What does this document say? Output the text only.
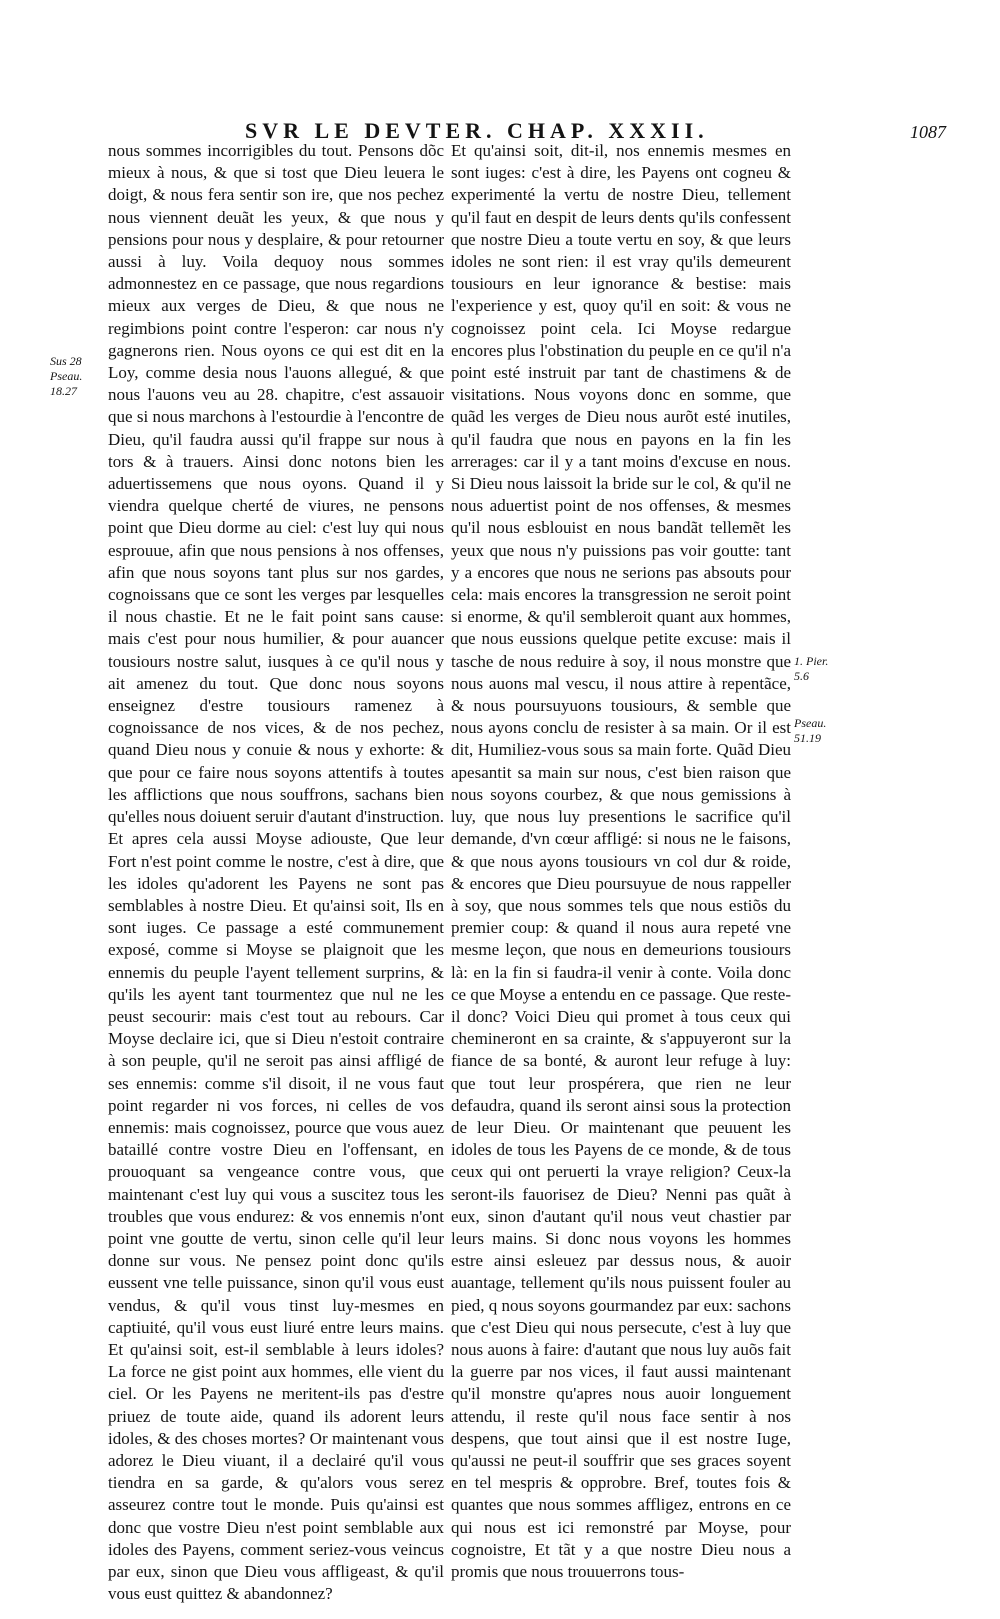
SVR LE DEVTER. CHAP. XXXII.	1087
Sus 28 Pseau. 18.27
1. Pier. 5.6
Pseau. 51.19

nous sommes incorrigibles du tout. Pensons dõc mieux à nous, & que si tost que Dieu leuera le doigt, & nous fera sentir son ire, que nos pechez nous viennent deuãt les yeux, & que nous y pensions pour nous y desplaire, & pour retourner aussi à luy. Voila dequoy nous sommes admonnestez en ce passage, que nous regardions mieux aux verges de Dieu, & que nous ne regimbions point contre l'esperon: car nous n'y gagnerons rien. Nous oyons ce qui est dit en la Loy, comme desia nous l'auons allegué, & que nous l'auons veu au 28. chapitre, c'est assauoir que si nous marchons à l'estourdie à l'encontre de Dieu, qu'il faudra aussi qu'il frappe sur nous à tors & à trauers. Ainsi donc notons bien les aduertissemens que nous oyons. Quand il y viendra quelque cherté de viures, ne pensons point que Dieu dorme au ciel: c'est luy qui nous esprouue, afin que nous pensions à nos offenses, afin que nous soyons tant plus sur nos gardes, cognoissans que ce sont les verges par lesquelles il nous chastie. Et ne le fait point sans cause: mais c'est pour nous humilier, & pour auancer tousiours nostre salut, iusques à ce qu'il nous y ait amenez du tout. Que donc nous soyons enseignez d'estre tousiours ramenez à cognoissance de nos vices, & de nos pechez, quand Dieu nous y conuie & nous y exhorte: & que pour ce faire nous soyons attentifs à toutes les afflictions que nous souffrons, sachans bien qu'elles nous doiuent seruir d'autant d'instruction. Et apres cela aussi Moyse adiouste, Que leur Fort n'est point comme le nostre, c'est à dire, que les idoles qu'adorent les Payens ne sont pas semblables à nostre Dieu. Et qu'ainsi soit, Ils en sont iuges. Ce passage a esté communement exposé, comme si Moyse se plaignoit que les ennemis du peuple l'ayent tellement surprins, & qu'ils les ayent tant tourmentez que nul ne les peust secourir: mais c'est tout au rebours. Car Moyse declaire ici, que si Dieu n'estoit contraire à son peuple, qu'il ne seroit pas ainsi affligé de ses ennemis: comme s'il disoit, il ne vous faut point regarder ni vos forces, ni celles de vos ennemis: mais cognoissez, pource que vous auez bataillé contre vostre Dieu en l'offensant, en prouoquant sa vengeance contre vous, que maintenant c'est luy qui vous a suscitez tous les troubles que vous endurez: & vos ennemis n'ont point vne goutte de vertu, sinon celle qu'il leur donne sur vous. Ne pensez point donc qu'ils eussent vne telle puissance, sinon qu'il vous eust vendus, & qu'il vous tinst luy-mesmes en captiuité, qu'il vous eust liuré entre leurs mains. Et qu'ainsi soit, est-il semblable à leurs idoles? La force ne gist point aux hommes, elle vient du ciel. Or les Payens ne meritent-ils pas d'estre priuez de toute aide, quand ils adorent leurs idoles, & des choses mortes? Or maintenant vous adorez le Dieu viuant, il a declairé qu'il vous tiendra en sa garde, & qu'alors vous serez asseurez contre tout le monde. Puis qu'ainsi est donc que vostre Dieu n'est point semblable aux idoles des Payens, comment seriez-vous veincus par eux, sinon que Dieu vous affligeast, & qu'il vous eust quittez & abandonnez?

Et qu'ainsi soit, dit-il, nos ennemis mesmes en sont iuges: c'est à dire, les Payens ont cogneu & experimenté la vertu de nostre Dieu, tellement qu'il faut en despit de leurs dents qu'ils confessent que nostre Dieu a toute vertu en soy, & que leurs idoles ne sont rien: il est vray qu'ils demeurent tousiours en leur ignorance & bestise: mais l'experience y est, quoy qu'il en soit: & vous ne cognoissez point cela. Ici Moyse redargue encores plus l'obstination du peuple en ce qu'il n'a point esté instruit par tant de chastimens & de visitations. Nous voyons donc en somme, que quãd les verges de Dieu nous aurõt esté inutiles, qu'il faudra que nous en payons en la fin les arrerages: car il y a tant moins d'excuse en nous. Si Dieu nous laissoit la bride sur le col, & qu'il ne nous aduertist point de nos offenses, & mesmes qu'il nous esblouist en nous bandãt tellemẽt les yeux que nous n'y puissions pas voir goutte: tant y a encores que nous ne serions pas absouts pour cela: mais encores la transgression ne seroit point si enorme, & qu'il sembleroit quant aux hommes, que nous eussions quelque petite excuse: mais il tasche de nous reduire à soy, il nous monstre que nous auons mal vescu, il nous attire à repentãce, & nous poursuyuons tousiours, & semble que nous ayons conclu de resister à sa main. Or il est dit, Humiliez-vous sous sa main forte. Quãd Dieu apesantit sa main sur nous, c'est bien raison que nous soyons courbez, & que nous gemissions à luy, que nous luy presentions le sacrifice qu'il demande, d'vn cœur affligé: si nous ne le faisons, & que nous ayons tousiours vn col dur & roide, & encores que Dieu poursuyue de nous rappeller à soy, que nous sommes tels que nous estiõs du premier coup: & quand il nous aura repeté vne mesme leçon, que nous en demeurions tousiours là: en la fin si faudra-il venir à conte. Voila donc ce que Moyse a entendu en ce passage. Que reste-il donc? Voici Dieu qui promet à tous ceux qui chemineront en sa crainte, & s'appuyeront sur la fiance de sa bonté, & auront leur refuge à luy: que tout leur prospérera, que rien ne leur defaudra, quand ils seront ainsi sous la protection de leur Dieu. Or maintenant que peuuent les idoles de tous les Payens de ce monde, & de tous ceux qui ont peruerti la vraye religion? Ceux-la seront-ils fauorisez de Dieu? Nenni pas quãt à eux, sinon d'autant qu'il nous veut chastier par leurs mains. Si donc nous voyons les hommes estre ainsi esleuez par dessus nous, & auoir auantage, tellement qu'ils nous puissent fouler au pied, q nous soyons gourmandez par eux: sachons que c'est Dieu qui nous persecute, c'est à luy que nous auons à faire: d'autant que nous luy auõs fait la guerre par nos vices, il faut aussi maintenant qu'il monstre qu'apres nous auoir longuement attendu, il reste qu'il nous face sentir à nos despens, que tout ainsi que il est nostre Iuge, qu'aussi ne peut-il souffrir que ses graces soyent en tel mespris & opprobre. Bref, toutes fois & quantes que nous sommes affligez, entrons en ce qui nous est ici remonstré par Moyse, pour cognoistre, Et tãt y a que nostre Dieu nous a promis que nous trouuerrons tous-
